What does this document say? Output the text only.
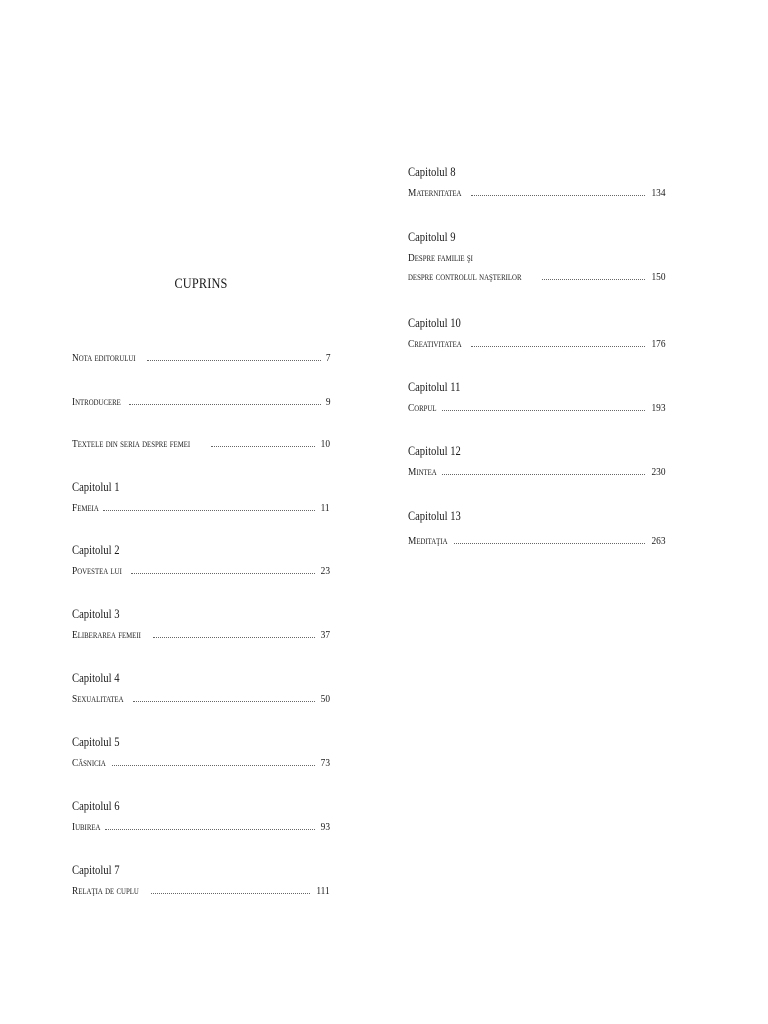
CUPRINS
Nota editorului	7
Introducere	9
Textele din seria despre femei	10
Capitolul 1
Femeia	11
Capitolul 2
Povestea lui	23
Capitolul 3
Eliberarea femeii	37
Capitolul 4
Sexualitatea	50
Capitolul 5
Căsnicia	73
Capitolul 6
Iubirea	93
Capitolul 7
Relaţia de cuplu	111
Capitolul 8
Maternitatea	134
Capitolul 9
Despre familie şi
despre controlul naşterilor	150
Capitolul 10
Creativitatea	176
Capitolul 11
Corpul	193
Capitolul 12
Mintea	230
Capitolul 13
Meditaţia	263
